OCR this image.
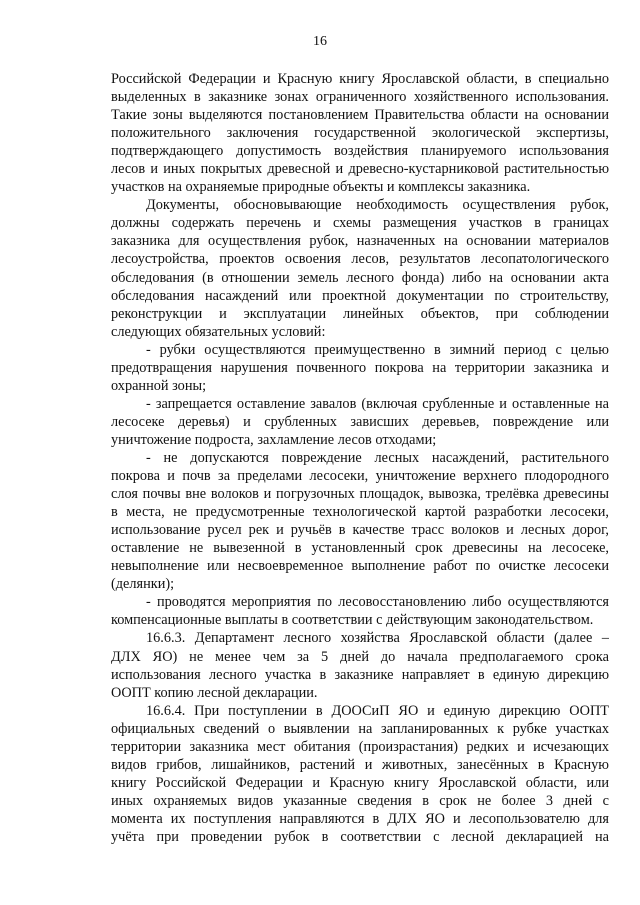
16
Российской Федерации и Красную книгу Ярославской области, в специально
выделенных в заказнике зонах ограниченного хозяйственного использования.
Такие зоны выделяются постановлением Правительства области на основании
положительного заключения государственной экологической экспертизы,
подтверждающего допустимость воздействия планируемого использования
лесов и иных покрытых древесной и древесно-кустарниковой растительностью
участков на охраняемые природные объекты и комплексы заказника.
Документы, обосновывающие необходимость осуществления рубок,
должны содержать перечень и схемы размещения участков в границах
заказника для осуществления рубок, назначенных на основании материалов
лесоустройства, проектов освоения лесов, результатов лесопатологического
обследования (в отношении земель лесного фонда) либо на основании акта
обследования насаждений или проектной документации по строительству,
реконструкции и эксплуатации линейных объектов, при соблюдении
следующих обязательных условий:
- рубки осуществляются преимущественно в зимний период с целью
предотвращения нарушения почвенного покрова на территории заказника и
охранной зоны;
- запрещается оставление завалов (включая срубленные и оставленные на
лесосеке деревья) и срубленных зависших деревьев, повреждение или
уничтожение подроста, захламление лесов отходами;
- не допускаются повреждение лесных насаждений, растительного
покрова и почв за пределами лесосеки, уничтожение верхнего плодородного
слоя почвы вне волоков и погрузочных площадок, вывозка, трелёвка древесины
в места, не предусмотренные технологической картой разработки лесосеки,
использование русел рек и ручьёв в качестве трасс волоков и лесных дорог,
оставление не вывезенной в установленный срок древесины на лесосеке,
невыполнение или несвоевременное выполнение работ по очистке лесосеки
(делянки);
- проводятся мероприятия по лесовосстановлению либо осуществляются
компенсационные выплаты в соответствии с действующим законодательством.
16.6.3. Департамент лесного хозяйства Ярославской области (далее –
ДЛХ ЯО) не менее чем за 5 дней до начала предполагаемого срока
использования лесного участка в заказнике направляет в единую дирекцию
ООПТ копию лесной декларации.
16.6.4. При поступлении в ДООСиП ЯО и единую дирекцию ООПТ
официальных сведений о выявлении на запланированных к рубке участках
территории заказника мест обитания (произрастания) редких и исчезающих
видов грибов, лишайников, растений и животных, занесённых в Красную
книгу Российской Федерации и Красную книгу Ярославской области, или
иных охраняемых видов указанные сведения в срок не более 3 дней с
момента их поступления направляются в ДЛХ ЯО и лесопользователю для
учёта при проведении рубок в соответствии с лесной декларацией на
